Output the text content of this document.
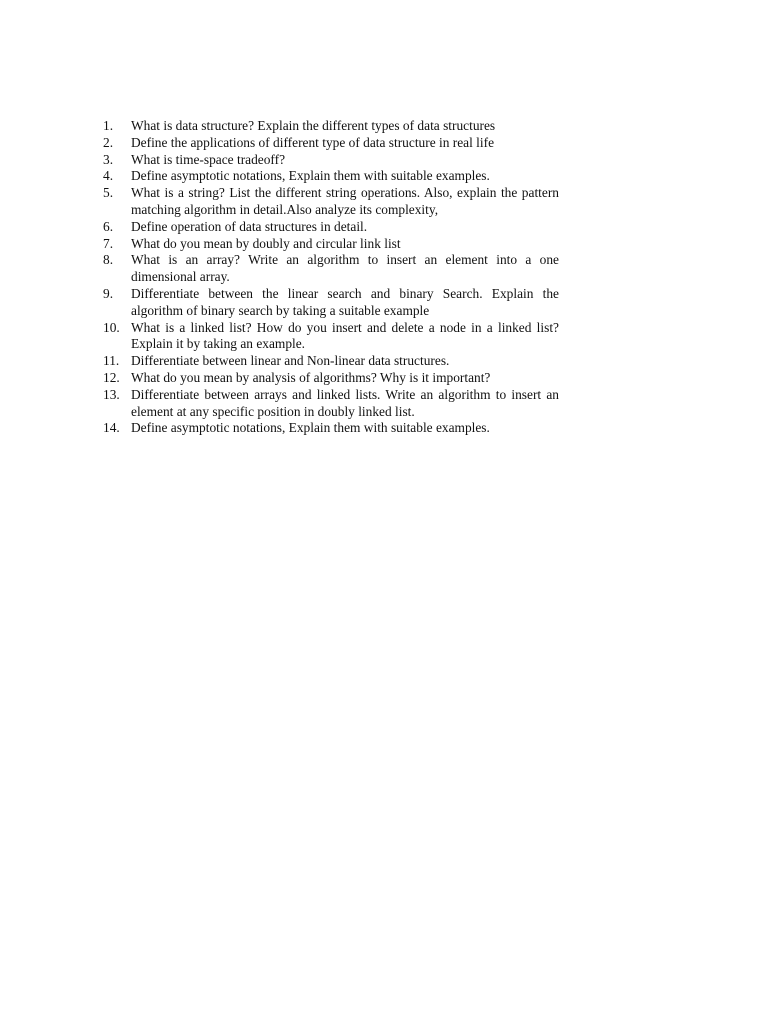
1.	What is data structure? Explain the different types of data structures
2.	Define the applications of different type of data structure in real life
3.	What is time-space tradeoff?
4.	Define asymptotic notations, Explain them with suitable examples.
5.	What is a string? List the different string operations. Also, explain the pattern matching algorithm in detail.Also analyze its complexity,
6.	Define operation of data structures in detail.
7.	What do you mean by doubly and circular link list
8.	What is an array? Write an algorithm to insert an element into a one dimensional array.
9.	Differentiate between the linear search and binary Search. Explain the algorithm of binary search by taking a suitable example
10. What is a linked list? How do you insert and delete a node in a linked list? Explain it by taking an example.
11. Differentiate between linear and Non-linear data structures.
12. What do you mean by analysis of algorithms? Why is it important?
13. Differentiate between arrays and linked lists. Write an algorithm to insert an element at any specific position in doubly linked list.
14. Define asymptotic notations, Explain them with suitable examples.
